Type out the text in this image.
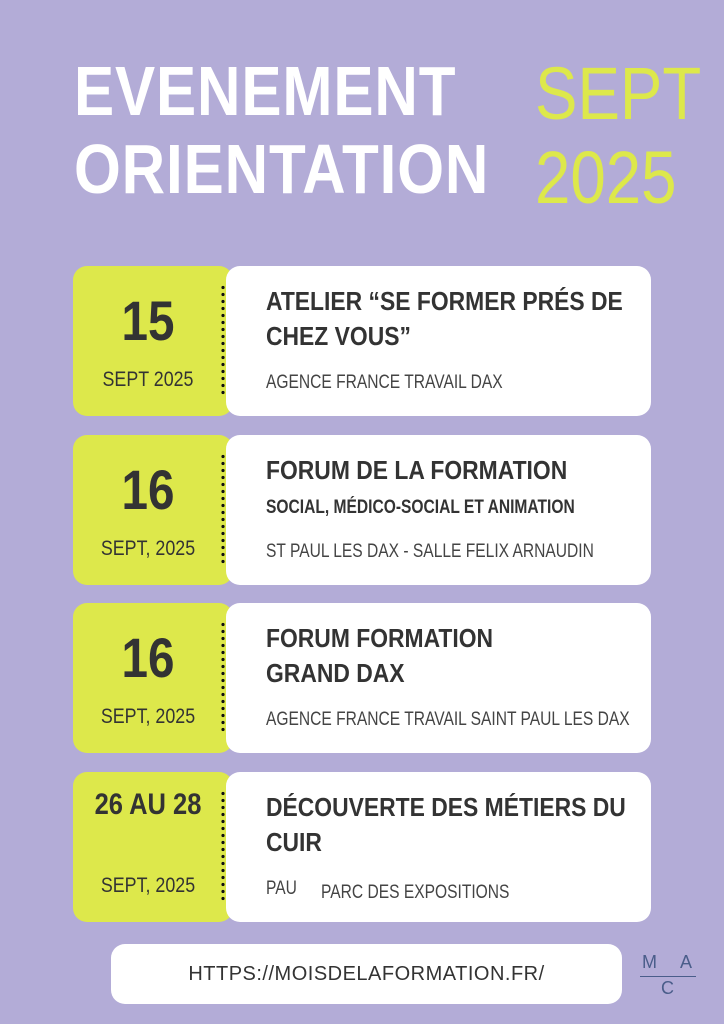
EVENEMENT
ORIENTATION
SEPT
2025
15
SEPT 2025
ATELIER “SE FORMER PRÉS DE CHEZ VOUS”
AGENCE FRANCE TRAVAIL DAX
16
SEPT, 2025
FORUM DE LA FORMATION
SOCIAL, MÉDICO-SOCIAL ET ANIMATION
ST PAUL LES DAX - SALLE FELIX ARNAUDIN
16
SEPT, 2025
FORUM FORMATION GRAND DAX
AGENCE FRANCE TRAVAIL SAINT PAUL LES DAX
26 AU 28
SEPT, 2025
DÉCOUVERTE DES MÉTIERS DU CUIR
PAU PARC DES EXPOSITIONS
HTTPS://MOISDELAFORMATION.FR/
M A
C
